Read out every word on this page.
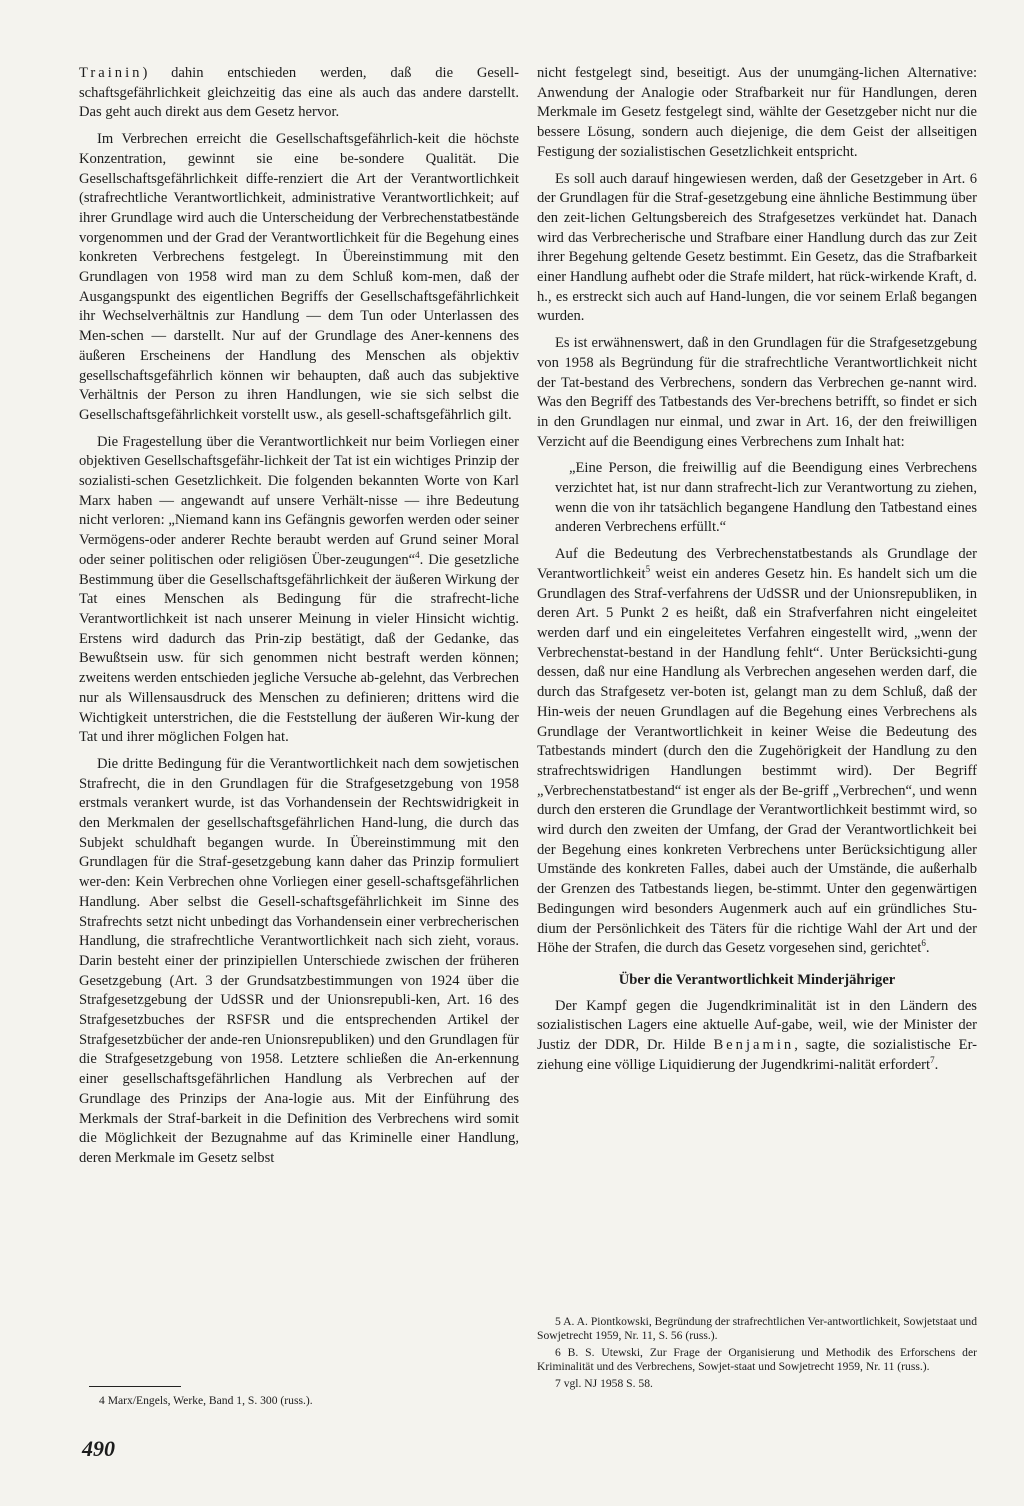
Trainin) dahin entschieden werden, daß die Gesell-schaftsgefährlichkeit gleichzeitig das eine als auch das andere darstellt. Das geht auch direkt aus dem Gesetz hervor.

Im Verbrechen erreicht die Gesellschaftsgefährlich-keit die höchste Konzentration, gewinnt sie eine be-sondere Qualität. Die Gesellschaftsgefährlichkeit diffe-renziert die Art der Verantwortlichkeit (strafrechtliche Verantwortlichkeit, administrative Verantwortlichkeit; auf ihrer Grundlage wird auch die Unterscheidung der Verbrechenstatbestände vorgenommen und der Grad der Verantwortlichkeit für die Begehung eines konkreten Verbrechens festgelegt. In Übereinstimmung mit den Grundlagen von 1958 wird man zu dem Schluß kom-men, daß der Ausgangspunkt des eigentlichen Begriffs der Gesellschaftsgefährlichkeit ihr Wechselverhältnis zur Handlung — dem Tun oder Unterlassen des Men-schen — darstellt. Nur auf der Grundlage des Aner-kennens des äußeren Erscheinens der Handlung des Menschen als objektiv gesellschaftsgefährlich können wir behaupten, daß auch das subjektive Verhältnis der Person zu ihren Handlungen, wie sie sich selbst die Gesellschaftsgefährlichkeit vorstellt usw., als gesell-schaftsgefährlich gilt.

Die Fragestellung über die Verantwortlichkeit nur beim Vorliegen einer objektiven Gesellschaftsgefähr-lichkeit der Tat ist ein wichtiges Prinzip der sozialisti-schen Gesetzlichkeit. Die folgenden bekannten Worte von Karl Marx haben — angewandt auf unsere Verhält-nisse — ihre Bedeutung nicht verloren: „Niemand kann ins Gefängnis geworfen werden oder seiner Vermögens-oder anderer Rechte beraubt werden auf Grund seiner Moral oder seiner politischen oder religiösen Über-zeugungen“$^4$. Die gesetzliche Bestimmung über die Gesellschaftsgefährlichkeit der äußeren Wirkung der Tat eines Menschen als Bedingung für die strafrecht-liche Verantwortlichkeit ist nach unserer Meinung in vieler Hinsicht wichtig. Erstens wird dadurch das Prin-zip bestätigt, daß der Gedanke, das Bewußtsein usw. für sich genommen nicht bestraft werden können; zweitens werden entschieden jegliche Versuche ab-gelehnt, das Verbrechen nur als Willensausdruck des Menschen zu definieren; drittens wird die Wichtigkeit unterstrichen, die die Feststellung der äußeren Wir-kung der Tat und ihrer möglichen Folgen hat.

Die dritte Bedingung für die Verantwortlichkeit nach dem sowjetischen Strafrecht, die in den Grundlagen für die Strafgesetzgebung von 1958 erstmals verankert wurde, ist das Vorhandensein der Rechtswidrigkeit in den Merkmalen der gesellschaftsgefährlichen Hand-lung, die durch das Subjekt schuldhaft begangen wurde. In Übereinstimmung mit den Grundlagen für die Straf-gesetzgebung kann daher das Prinzip formuliert wer-den: Kein Verbrechen ohne Vorliegen einer gesell-schaftsgefährlichen Handlung. Aber selbst die Gesell-schaftsgefährlichkeit im Sinne des Strafrechts setzt nicht unbedingt das Vorhandensein einer verbrecherischen Handlung, die strafrechtliche Verantwortlichkeit nach sich zieht, voraus. Darin besteht einer der prinzipiellen Unterschiede zwischen der früheren Gesetzgebung (Art. 3 der Grundsatzbestimmungen von 1924 über die Strafgesetzgebung der UdSSR und der Unionsrepubli-ken, Art. 16 des Strafgesetzbuches der RSFSR und die entsprechenden Artikel der Strafgesetzbücher der ande-ren Unionsrepubliken) und den Grundlagen für die Strafgesetzgebung von 1958. Letztere schließen die An-erkennung einer gesellschaftsgefährlichen Handlung als Verbrechen auf der Grundlage des Prinzips der Ana-logie aus. Mit der Einführung des Merkmals der Straf-barkeit in die Definition des Verbrechens wird somit die Möglichkeit der Bezugnahme auf das Kriminelle einer Handlung, deren Merkmale im Gesetz selbst

nicht festgelegt sind, beseitigt. Aus der unumgäng-lichen Alternative: Anwendung der Analogie oder Strafbarkeit nur für Handlungen, deren Merkmale im Gesetz festgelegt sind, wählte der Gesetzgeber nicht nur die bessere Lösung, sondern auch diejenige, die dem Geist der allseitigen Festigung der sozialistischen Gesetzlichkeit entspricht.

Es soll auch darauf hingewiesen werden, daß der Gesetzgeber in Art. 6 der Grundlagen für die Straf-gesetzgebung eine ähnliche Bestimmung über den zeit-lichen Geltungsbereich des Strafgesetzes verkündet hat. Danach wird das Verbrecherische und Strafbare einer Handlung durch das zur Zeit ihrer Begehung geltende Gesetz bestimmt. Ein Gesetz, das die Strafbarkeit einer Handlung aufhebt oder die Strafe mildert, hat rück-wirkende Kraft, d. h., es erstreckt sich auch auf Hand-lungen, die vor seinem Erlaß begangen wurden.

Es ist erwähnenswert, daß in den Grundlagen für die Strafgesetzgebung von 1958 als Begründung für die strafrechtliche Verantwortlichkeit nicht der Tat-bestand des Verbrechens, sondern das Verbrechen ge-nannt wird. Was den Begriff des Tatbestands des Ver-brechens betrifft, so findet er sich in den Grundlagen nur einmal, und zwar in Art. 16, der den freiwilligen Verzicht auf die Beendigung eines Verbrechens zum Inhalt hat:

„Eine Person, die freiwillig auf die Beendigung eines Verbrechens verzichtet hat, ist nur dann strafrecht-lich zur Verantwortung zu ziehen, wenn die von ihr tatsächlich begangene Handlung den Tatbestand eines anderen Verbrechens erfüllt.“

Auf die Bedeutung des Verbrechenstatbestands als Grundlage der Verantwortlichkeit$^5$ weist ein anderes Gesetz hin. Es handelt sich um die Grundlagen des Straf-verfahrens der UdSSR und der Unionsrepubliken, in deren Art. 5 Punkt 2 es heißt, daß ein Strafverfahren nicht eingeleitet werden darf und ein eingeleitetes Verfahren eingestellt wird, „wenn der Verbrechenstat-bestand in der Handlung fehlt“. Unter Berücksichti-gung dessen, daß nur eine Handlung als Verbrechen angesehen werden darf, die durch das Strafgesetz ver-boten ist, gelangt man zu dem Schluß, daß der Hin-weis der neuen Grundlagen auf die Begehung eines Verbrechens als Grundlage der Verantwortlichkeit in keiner Weise die Bedeutung des Tatbestands mindert (durch den die Zugehörigkeit der Handlung zu den strafrechtswidrigen Handlungen bestimmt wird). Der Begriff „Verbrechenstatbestand“ ist enger als der Be-griff „Verbrechen“, und wenn durch den ersteren die Grundlage der Verantwortlichkeit bestimmt wird, so wird durch den zweiten der Umfang, der Grad der Verantwortlichkeit bei der Begehung eines konkreten Verbrechens unter Berücksichtigung aller Umstände des konkreten Falles, dabei auch der Umstände, die außerhalb der Grenzen des Tatbestands liegen, be-stimmt. Unter den gegenwärtigen Bedingungen wird besonders Augenmerk auch auf ein gründliches Stu-dium der Persönlichkeit des Täters für die richtige Wahl der Art und der Höhe der Strafen, die durch das Gesetz vorgesehen sind, gerichtet$^6$.

Über die Verantwortlichkeit Minderjähriger

Der Kampf gegen die Jugendkriminalität ist in den Ländern des sozialistischen Lagers eine aktuelle Auf-gabe, weil, wie der Minister der Justiz der DDR, Dr. Hilde Benjamin, sagte, die sozialistische Er-ziehung eine völlige Liquidierung der Jugendkrimi-nalität erfordert$^7$.

4 Marx/Engels, Werke, Band 1, S. 300 (russ.).

5 A. A. Piontkowski, Begründung der strafrechtlichen Ver-antwortlichkeit, Sowjetstaat und Sowjetrecht 1959, Nr. 11, S. 56 (russ.).

6 B. S. Utewski, Zur Frage der Organisierung und Methodik des Erforschens der Kriminalität und des Verbrechens, Sowjet-staat und Sowjetrecht 1959, Nr. 11 (russ.).

7 vgl. NJ 1958 S. 58.

490
